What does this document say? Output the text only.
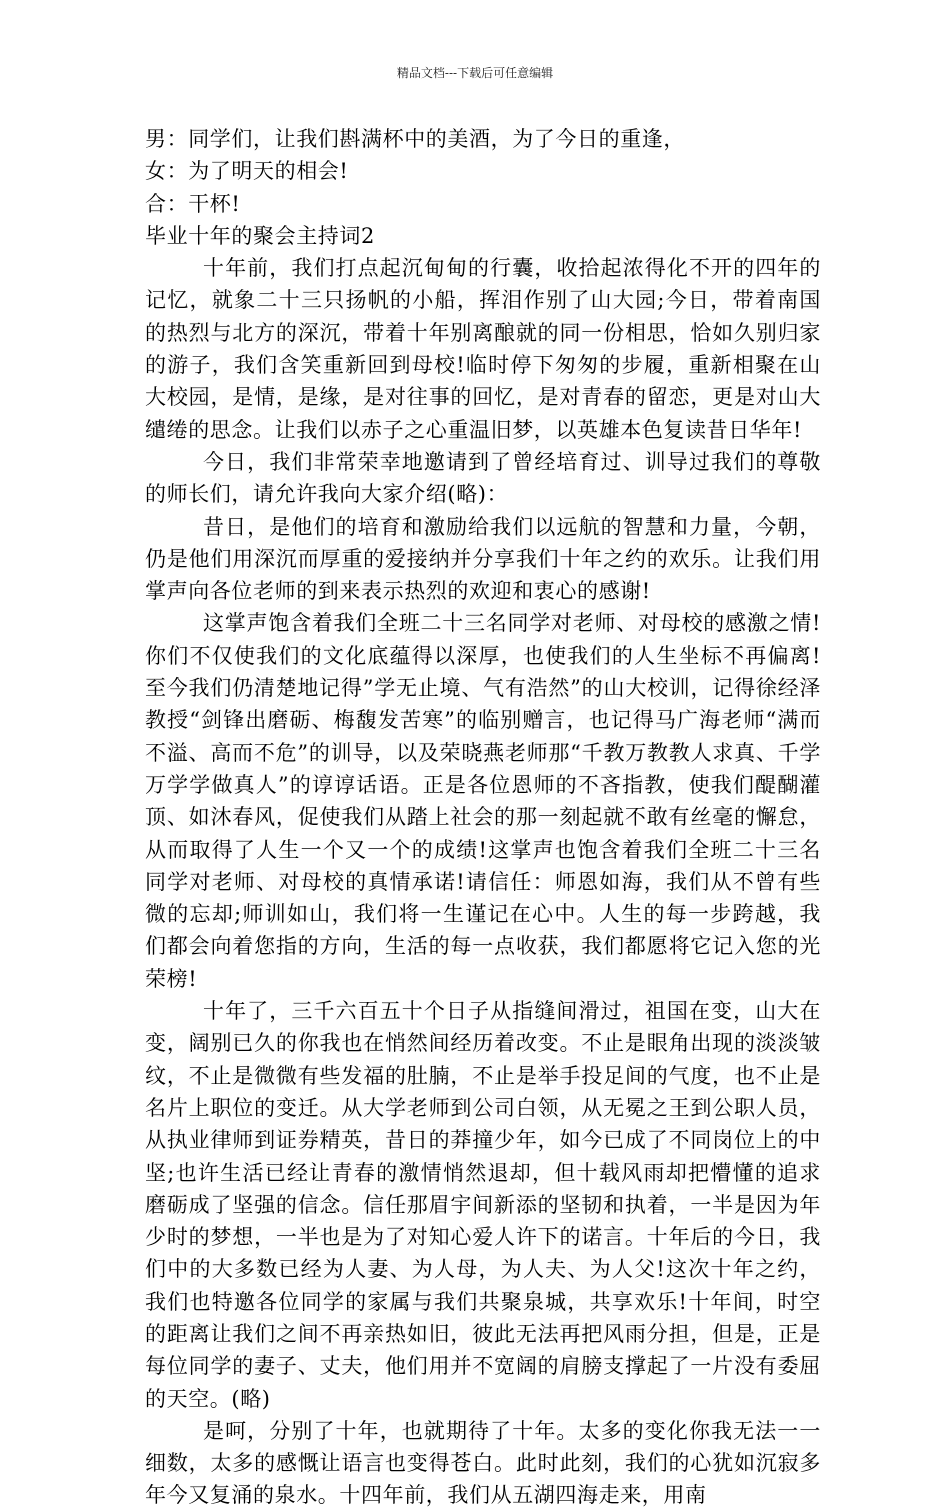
精品文档---下载后可任意编辑

男：同学们，让我们斟满杯中的美酒，为了今日的重逢，

女：为了明天的相会!

合：干杯!

毕业十年的聚会主持词2

十年前，我们打点起沉甸甸的行囊，收拾起浓得化不开的四年的记忆，就象二十三只扬帆的小船，挥泪作别了山大园;今日，带着南国的热烈与北方的深沉，带着十年别离酿就的同一份相思，恰如久别归家的游子，我们含笑重新回到母校!临时停下匆匆的步履，重新相聚在山大校园，是情，是缘，是对往事的回忆，是对青春的留恋，更是对山大缱绻的思念。让我们以赤子之心重温旧梦，以英雄本色复读昔日华年!

今日，我们非常荣幸地邀请到了曾经培育过、训导过我们的尊敬的师长们，请允许我向大家介绍(略)：

昔日，是他们的培育和激励给我们以远航的智慧和力量，今朝，仍是他们用深沉而厚重的爱接纳并分享我们十年之约的欢乐。让我们用掌声向各位老师的到来表示热烈的欢迎和衷心的感谢!

这掌声饱含着我们全班二十三名同学对老师、对母校的感激之情!你们不仅使我们的文化底蕴得以深厚，也使我们的人生坐标不再偏离!至今我们仍清楚地记得”学无止境、气有浩然”的山大校训，记得徐经泽教授“剑锋出磨砺、梅馥发苦寒”的临别赠言，也记得马广海老师“满而不溢、高而不危”的训导，以及荣晓燕老师那“千教万教教人求真、千学万学学做真人”的谆谆话语。正是各位恩师的不吝指教，使我们醍醐灌顶、如沐春风，促使我们从踏上社会的那一刻起就不敢有丝毫的懈怠，从而取得了人生一个又一个的成绩!这掌声也饱含着我们全班二十三名同学对老师、对母校的真情承诺!请信任：师恩如海，我们从不曾有些微的忘却;师训如山，我们将一生谨记在心中。人生的每一步跨越，我们都会向着您指的方向，生活的每一点收获，我们都愿将它记入您的光荣榜!

十年了，三千六百五十个日子从指缝间滑过，祖国在变，山大在变，阔别已久的你我也在悄然间经历着改变。不止是眼角出现的淡淡皱纹，不止是微微有些发福的肚腩，不止是举手投足间的气度，也不止是名片上职位的变迁。从大学老师到公司白领，从无冕之王到公职人员，从执业律师到证券精英，昔日的莽撞少年，如今已成了不同岗位上的中坚;也许生活已经让青春的激情悄然退却，但十载风雨却把懵懂的追求磨砺成了坚强的信念。信任那眉宇间新添的坚韧和执着，一半是因为年少时的梦想，一半也是为了对知心爱人许下的诺言。十年后的今日，我们中的大多数已经为人妻、为人母，为人夫、为人父!这次十年之约，我们也特邀各位同学的家属与我们共聚泉城，共享欢乐!十年间，时空的距离让我们之间不再亲热如旧，彼此无法再把风雨分担，但是，正是每位同学的妻子、丈夫，他们用并不宽阔的肩膀支撑起了一片没有委屈的天空。(略)

是呵，分别了十年，也就期待了十年。太多的变化你我无法一一细数，太多的感慨让语言也变得苍白。此时此刻，我们的心犹如沉寂多年今又复涌的泉水。十四年前，我们从五湖四海走来，用南
